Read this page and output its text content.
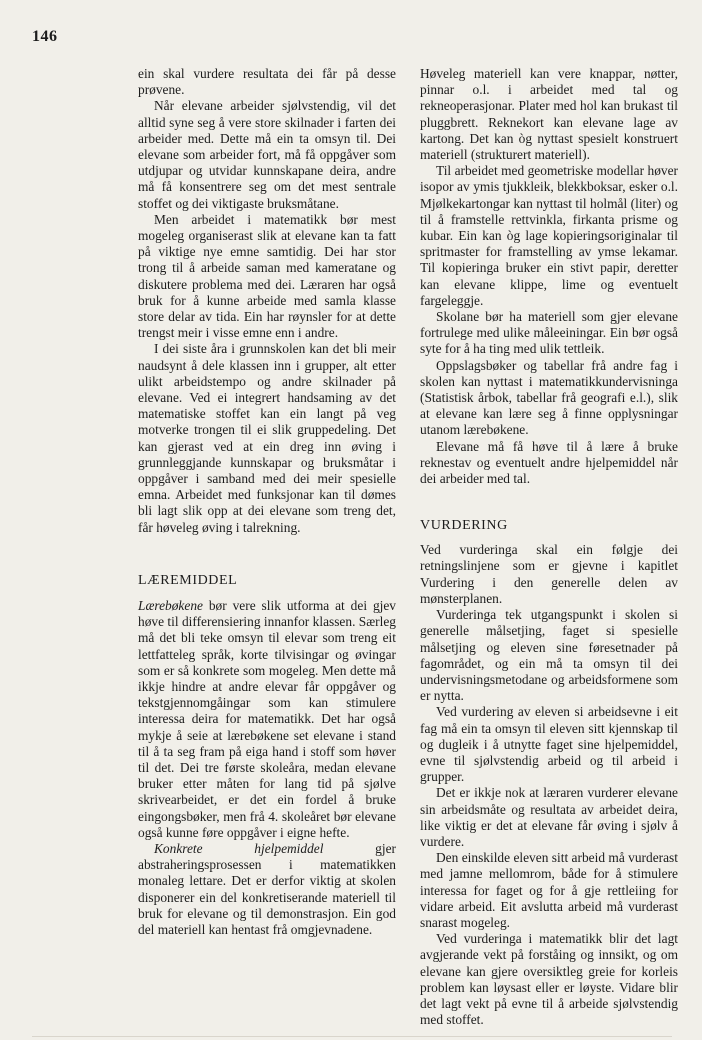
146

ein skal vurdere resultata dei får på desse prøvene.

Når elevane arbeider sjølvstendig, vil det alltid syne seg å vere store skilnader i farten dei arbeider med. Dette må ein ta omsyn til. Dei elevane som arbeider fort, må få oppgåver som utdjupar og utvidar kunnskapane deira, andre må få konsentrere seg om det mest sentrale stoffet og dei viktigaste bruksmåtane.

Men arbeidet i matematikk bør mest mogeleg organiserast slik at elevane kan ta fatt på viktige nye emne samtidig. Dei har stor trong til å arbeide saman med kameratane og diskutere problema med dei. Læraren har også bruk for å kunne arbeide med samla klasse store delar av tida. Ein har røynsler for at dette trengst meir i visse emne enn i andre.

I dei siste åra i grunnskolen kan det bli meir naudsynt å dele klassen inn i grupper, alt etter ulikt arbeidstempo og andre skilnader på elevane. Ved ei integrert handsaming av det matematiske stoffet kan ein langt på veg motverke trongen til ei slik gruppedeling. Det kan gjerast ved at ein dreg inn øving i grunnleggjande kunnskapar og bruksmåtar i oppgåver i samband med dei meir spesielle emna. Arbeidet med funksjonar kan til dømes bli lagt slik opp at dei elevane som treng det, får høveleg øving i talrekning.

LÆREMIDDEL

Lærebøkene bør vere slik utforma at dei gjev høve til differensiering innanfor klassen. Særleg må det bli teke omsyn til elevar som treng eit lettfatteleg språk, korte tilvisingar og øvingar som er så konkrete som mogeleg. Men dette må ikkje hindre at andre elevar får oppgåver og tekstgjennomgåingar som kan stimulere interessa deira for matematikk. Det har også mykje å seie at lærebøkene set elevane i stand til å ta seg fram på eiga hand i stoff som høver til det. Dei tre første skoleåra, medan elevane bruker etter måten for lang tid på sjølve skrivearbeidet, er det ein fordel å bruke eingongsbøker, men frå 4. skoleåret bør elevane også kunne føre oppgåver i eigne hefte.

Konkrete hjelpemiddel gjer abstraheringsprosessen i matematikken monaleg lettare. Det er derfor viktig at skolen disponerer ein del konkretiserande materiell til bruk for elevane og til demonstrasjon. Ein god del materiell kan hentast frå omgjevnadene.

Høveleg materiell kan vere knappar, nøtter, pinnar o.l. i arbeidet med tal og rekneoperasjonar. Plater med hol kan brukast til pluggbrett. Reknekort kan elevane lage av kartong. Det kan òg nyttast spesielt konstruert materiell (strukturert materiell).

Til arbeidet med geometriske modellar høver isopor av ymis tjukkleik, blekkboksar, esker o.l. Mjølkekartongar kan nyttast til holmål (liter) og til å framstelle rettvinkla, firkanta prisme og kubar. Ein kan òg lage kopieringsoriginalar til spritmaster for framstelling av ymse lekamar. Til kopieringa bruker ein stivt papir, deretter kan elevane klippe, lime og eventuelt fargeleggje.

Skolane bør ha materiell som gjer elevane fortrulege med ulike måleeiningar. Ein bør også syte for å ha ting med ulik tettleik.

Oppslagsbøker og tabellar frå andre fag i skolen kan nyttast i matematikkundervisninga (Statistisk årbok, tabellar frå geografi e.l.), slik at elevane kan lære seg å finne opplysningar utanom lærebøkene.

Elevane må få høve til å lære å bruke reknestav og eventuelt andre hjelpemiddel når dei arbeider med tal.

VURDERING

Ved vurderinga skal ein følgje dei retningslinjene som er gjevne i kapitlet Vurdering i den generelle delen av mønsterplanen.

Vurderinga tek utgangspunkt i skolen si generelle målsetjing, faget si spesielle målsetjing og eleven sine føresetnader på fagområdet, og ein må ta omsyn til dei undervisningsmetodane og arbeidsformene som er nytta.

Ved vurdering av eleven si arbeidsevne i eit fag må ein ta omsyn til eleven sitt kjennskap til og dugleik i å utnytte faget sine hjelpemiddel, evne til sjølvstendig arbeid og til arbeid i grupper.

Det er ikkje nok at læraren vurderer elevane sin arbeidsmåte og resultata av arbeidet deira, like viktig er det at elevane får øving i sjølv å vurdere.

Den einskilde eleven sitt arbeid må vurderast med jamne mellomrom, både for å stimulere interessa for faget og for å gje rettleiing for vidare arbeid. Eit avslutta arbeid må vurderast snarast mogeleg.

Ved vurderinga i matematikk blir det lagt avgjerande vekt på forståing og innsikt, og om elevane kan gjere oversiktleg greie for korleis problem kan løysast eller er løyste. Vidare blir det lagt vekt på evne til å arbeide sjølvstendig med stoffet.
